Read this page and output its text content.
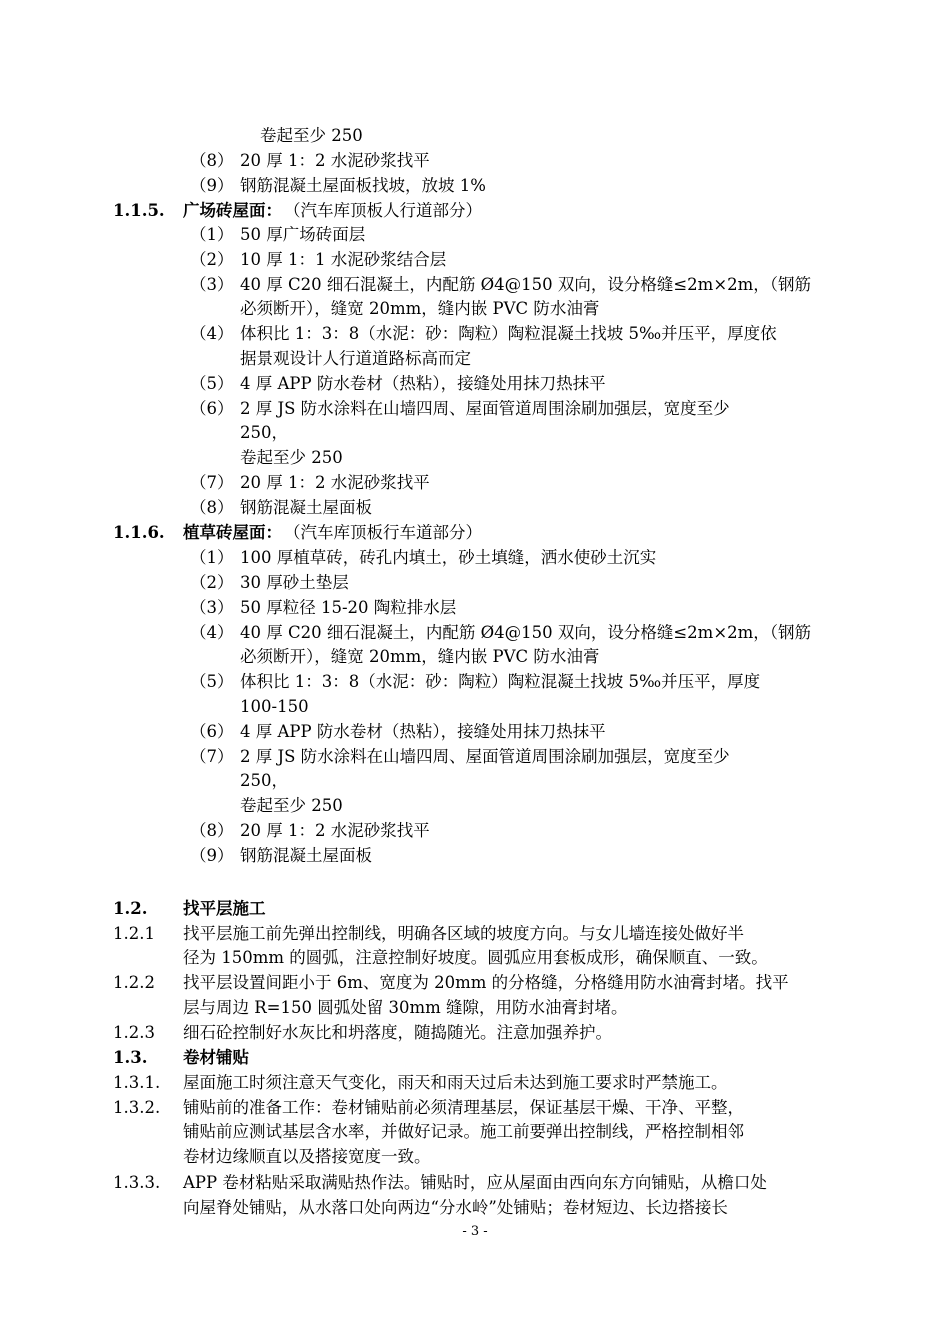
卷起至少 250
（8） 20 厚 1：2 水泥砂浆找平
（9） 钢筋混凝土屋面板找坡，放坡 1%
1.1.5. 广场砖屋面： （汽车库顶板人行道部分）
（1） 50 厚广场砖面层
（2） 10 厚 1：1 水泥砂浆结合层
（3） 40 厚 C20 细石混凝土，内配筋 Ø4@150 双向，设分格缝≤2m×2m，（钢筋
必须断开），缝宽 20mm，缝内嵌 PVC 防水油膏
（4） 体积比 1：3：8（水泥：砂：陶粒）陶粒混凝土找坡 5‰并压平，厚度依
据景观设计人行道道路标高而定
（5） 4 厚 APP 防水卷材（热粘），接缝处用抹刀热抹平
（6） 2 厚 JS 防水涂料在山墙四周、屋面管道周围涂刷加强层，宽度至少
250，
卷起至少 250
（7） 20 厚 1：2 水泥砂浆找平
（8） 钢筋混凝土屋面板
1.1.6. 植草砖屋面： （汽车库顶板行车道部分）
（1） 100 厚植草砖，砖孔内填土，砂土填缝，洒水使砂土沉实
（2） 30 厚砂土垫层
（3） 50 厚粒径 15-20 陶粒排水层
（4） 40 厚 C20 细石混凝土，内配筋 Ø4@150 双向，设分格缝≤2m×2m，（钢筋
必须断开），缝宽 20mm，缝内嵌 PVC 防水油膏
（5） 体积比 1：3：8（水泥：砂：陶粒）陶粒混凝土找坡 5‰并压平，厚度
100-150
（6） 4 厚 APP 防水卷材（热粘），接缝处用抹刀热抹平
（7） 2 厚 JS 防水涂料在山墙四周、屋面管道周围涂刷加强层，宽度至少
250，
卷起至少 250
（8） 20 厚 1：2 水泥砂浆找平
（9） 钢筋混凝土屋面板
1.2. 找平层施工
1.2.1 找平层施工前先弹出控制线，明确各区域的坡度方向。与女儿墙连接处做好半
径为 150mm 的圆弧，注意控制好坡度。圆弧应用套板成形，确保顺直、一致。
1.2.2 找平层设置间距小于 6m、宽度为 20mm 的分格缝，分格缝用防水油膏封堵。找平
层与周边 R=150 圆弧处留 30mm 缝隙，用防水油膏封堵。
1.2.3 细石砼控制好水灰比和坍落度，随捣随光。注意加强养护。
1.3. 卷材铺贴
1.3.1. 屋面施工时须注意天气变化，雨天和雨天过后未达到施工要求时严禁施工。
1.3.2. 铺贴前的准备工作：卷材铺贴前必须清理基层，保证基层干燥、干净、平整，
铺贴前应测试基层含水率，并做好记录。施工前要弹出控制线，严格控制相邻
卷材边缘顺直以及搭接宽度一致。
1.3.3. APP 卷材粘贴采取满贴热作法。铺贴时，应从屋面由西向东方向铺贴，从檐口处
向屋脊处铺贴，从水落口处向两边“分水岭”处铺贴；卷材短边、长边搭接长
- 3 -
